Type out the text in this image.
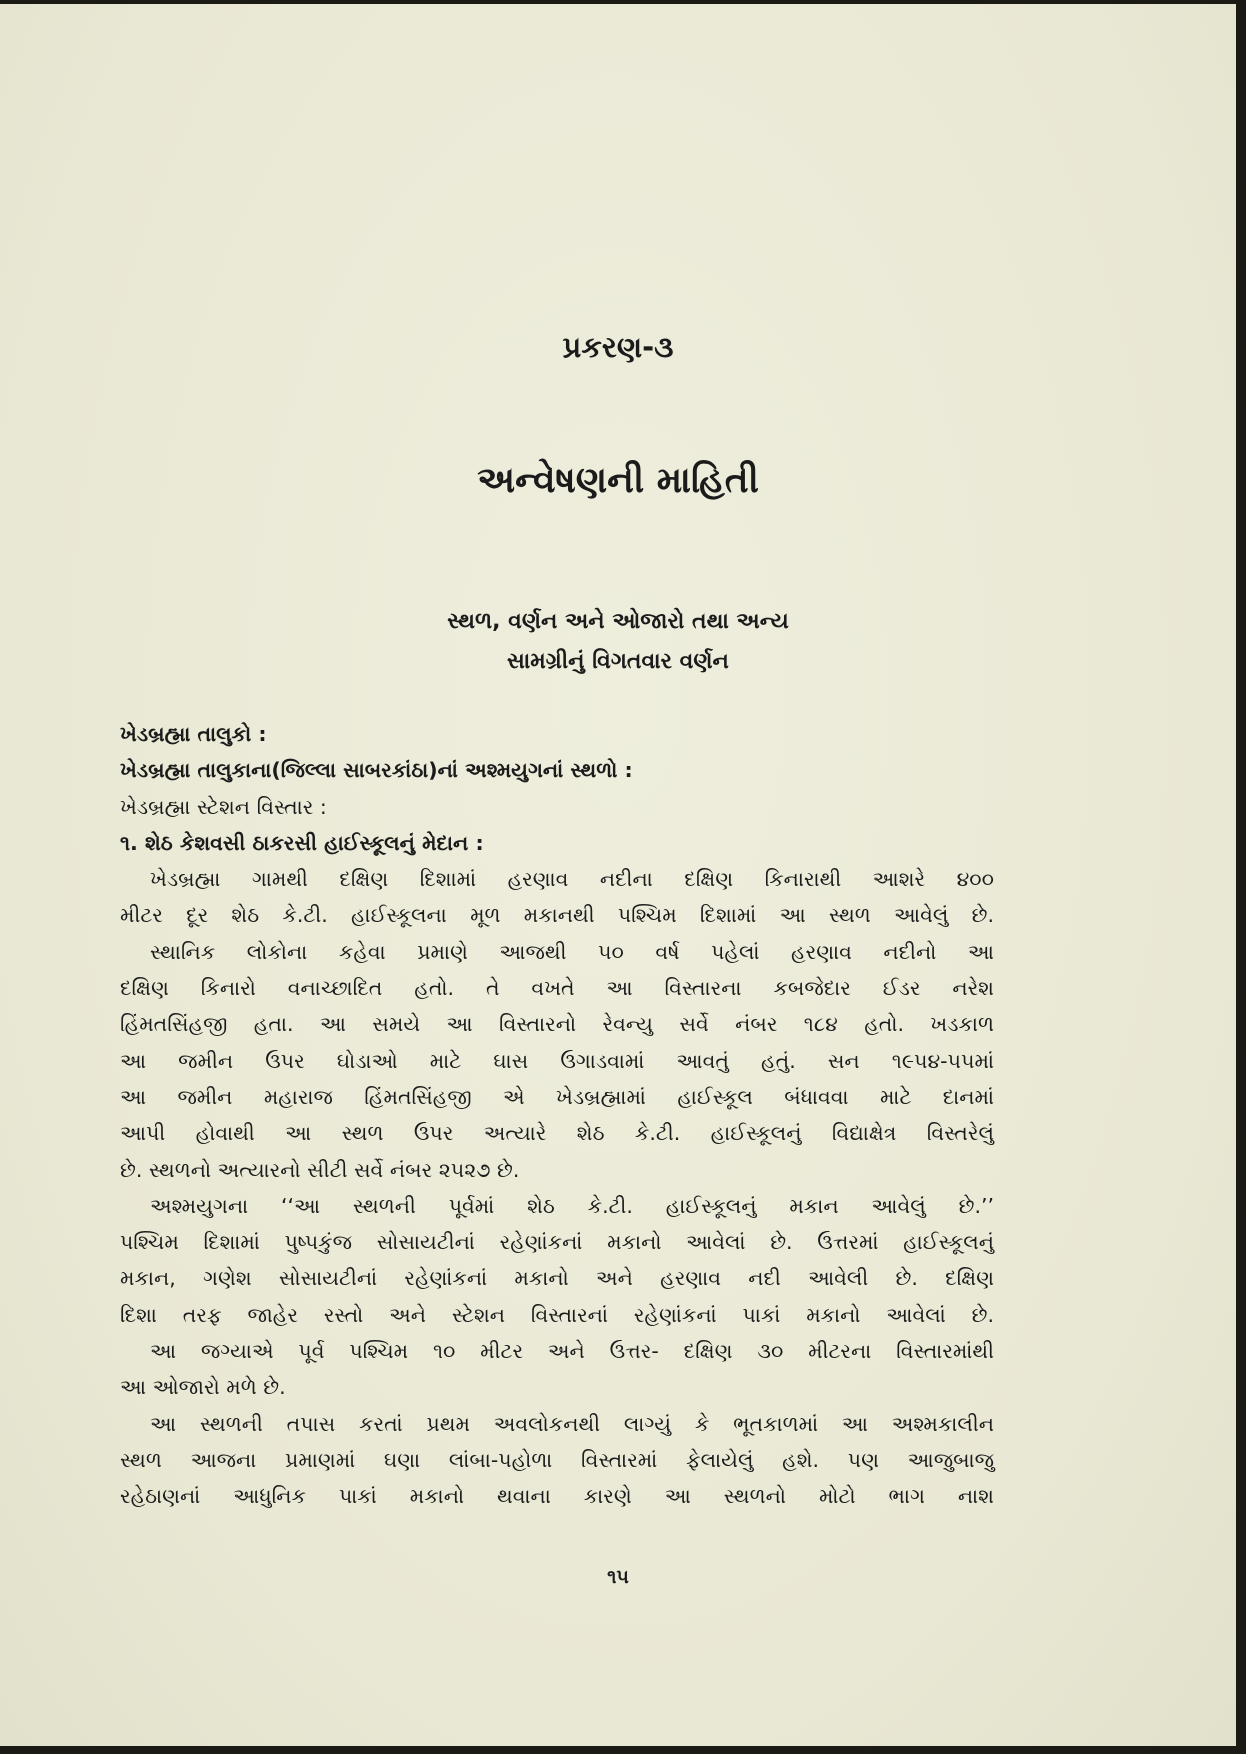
પ્રકરણ-૩
અન્વેષણની માહિતી
સ્થળ, વર્ણન અને ઓજારો તથા અન્ય
સામગ્રીનું વિગતવાર વર્ણન
ખેડબ્રહ્મા તાલુકો :
ખેડબ્રહ્મા તાલુકાના(જિલ્લા સાબરકાંઠા)નાં અશ્મયુગનાં સ્થળો :
ખેડબ્રહ્મા સ્ટેશન વિસ્તાર :
૧. શેઠ કેશવસી ઠાકરસી હાઈસ્કૂલનું મેદાન :
ખેડબ્રહ્મા ગામથી દક્ષિણ દિશામાં હરણાવ નદીના દક્ષિણ કિનારાથી આશરે ૪૦૦
મીટર દૂર શેઠ કે.ટી. હાઈસ્કૂલના મૂળ મકાનથી પશ્ચિમ દિશામાં આ સ્થળ આવેલું છે.
સ્થાનિક લોકોના કહેવા પ્રમાણે આજથી ૫૦ વર્ષ પહેલાં હરણાવ નદીનો આ
દક્ષિણ કિનારો વનાચ્છાદિત હતો. તે વખતે આ વિસ્તારના કબજેદાર ઈડર નરેશ
હિંમતસિંહજી હતા. આ સમયે આ વિસ્તારનો રેવન્યુ સર્વે નંબર ૧૮૪ હતો. ખડકાળ
આ જમીન ઉપર ઘોડાઓ માટે ઘાસ ઉગાડવામાં આવતું હતું. સન ૧૯૫૪-૫૫માં
આ જમીન મહારાજ હિંમતસિંહજી એ ખેડબ્રહ્મામાં હાઈસ્કૂલ બંધાવવા માટે દાનમાં
આપી હોવાથી આ સ્થળ ઉપર અત્યારે શેઠ કે.ટી. હાઈસ્કૂલનું વિદ્યાક્ષેત્ર વિસ્તરેલું
છે. સ્થળનો અત્યારનો સીટી સર્વે નંબર ૨૫૨૭ છે.
અશ્મયુગના ‘‘આ સ્થળની પૂર્વમાં શેઠ કે.ટી. હાઈસ્કૂલનું મકાન આવેલું છે.’’
પશ્ચિમ દિશામાં પુષ્પકુંજ સોસાયટીનાં રહેણાંકનાં મકાનો આવેલાં છે. ઉત્તરમાં હાઈસ્કૂલનું
મકાન, ગણેશ સોસાયટીનાં રહેણાંકનાં મકાનો અને હરણાવ નદી આવેલી છે. દક્ષિણ
દિશા તરફ જાહેર રસ્તો અને સ્ટેશન વિસ્તારનાં રહેણાંકનાં પાકાં મકાનો આવેલાં છે.
આ જગ્યાએ પૂર્વ પશ્ચિમ ૧૦ મીટર અને ઉત્તર- દક્ષિણ ૩૦ મીટરના વિસ્તારમાંથી
આ ઓજારો મળે છે.
આ સ્થળની તપાસ કરતાં પ્રથમ અવલોકનથી લાગ્યું કે ભૂતકાળમાં આ અશ્મકાલીન
સ્થળ આજના પ્રમાણમાં ઘણા લાંબા-પહોળા વિસ્તારમાં ફેલાયેલું હશે. પણ આજુબાજુ
રહેઠાણનાં આધુનિક પાકાં મકાનો થવાના કારણે આ સ્થળનો મોટો ભાગ નાશ
૧૫
